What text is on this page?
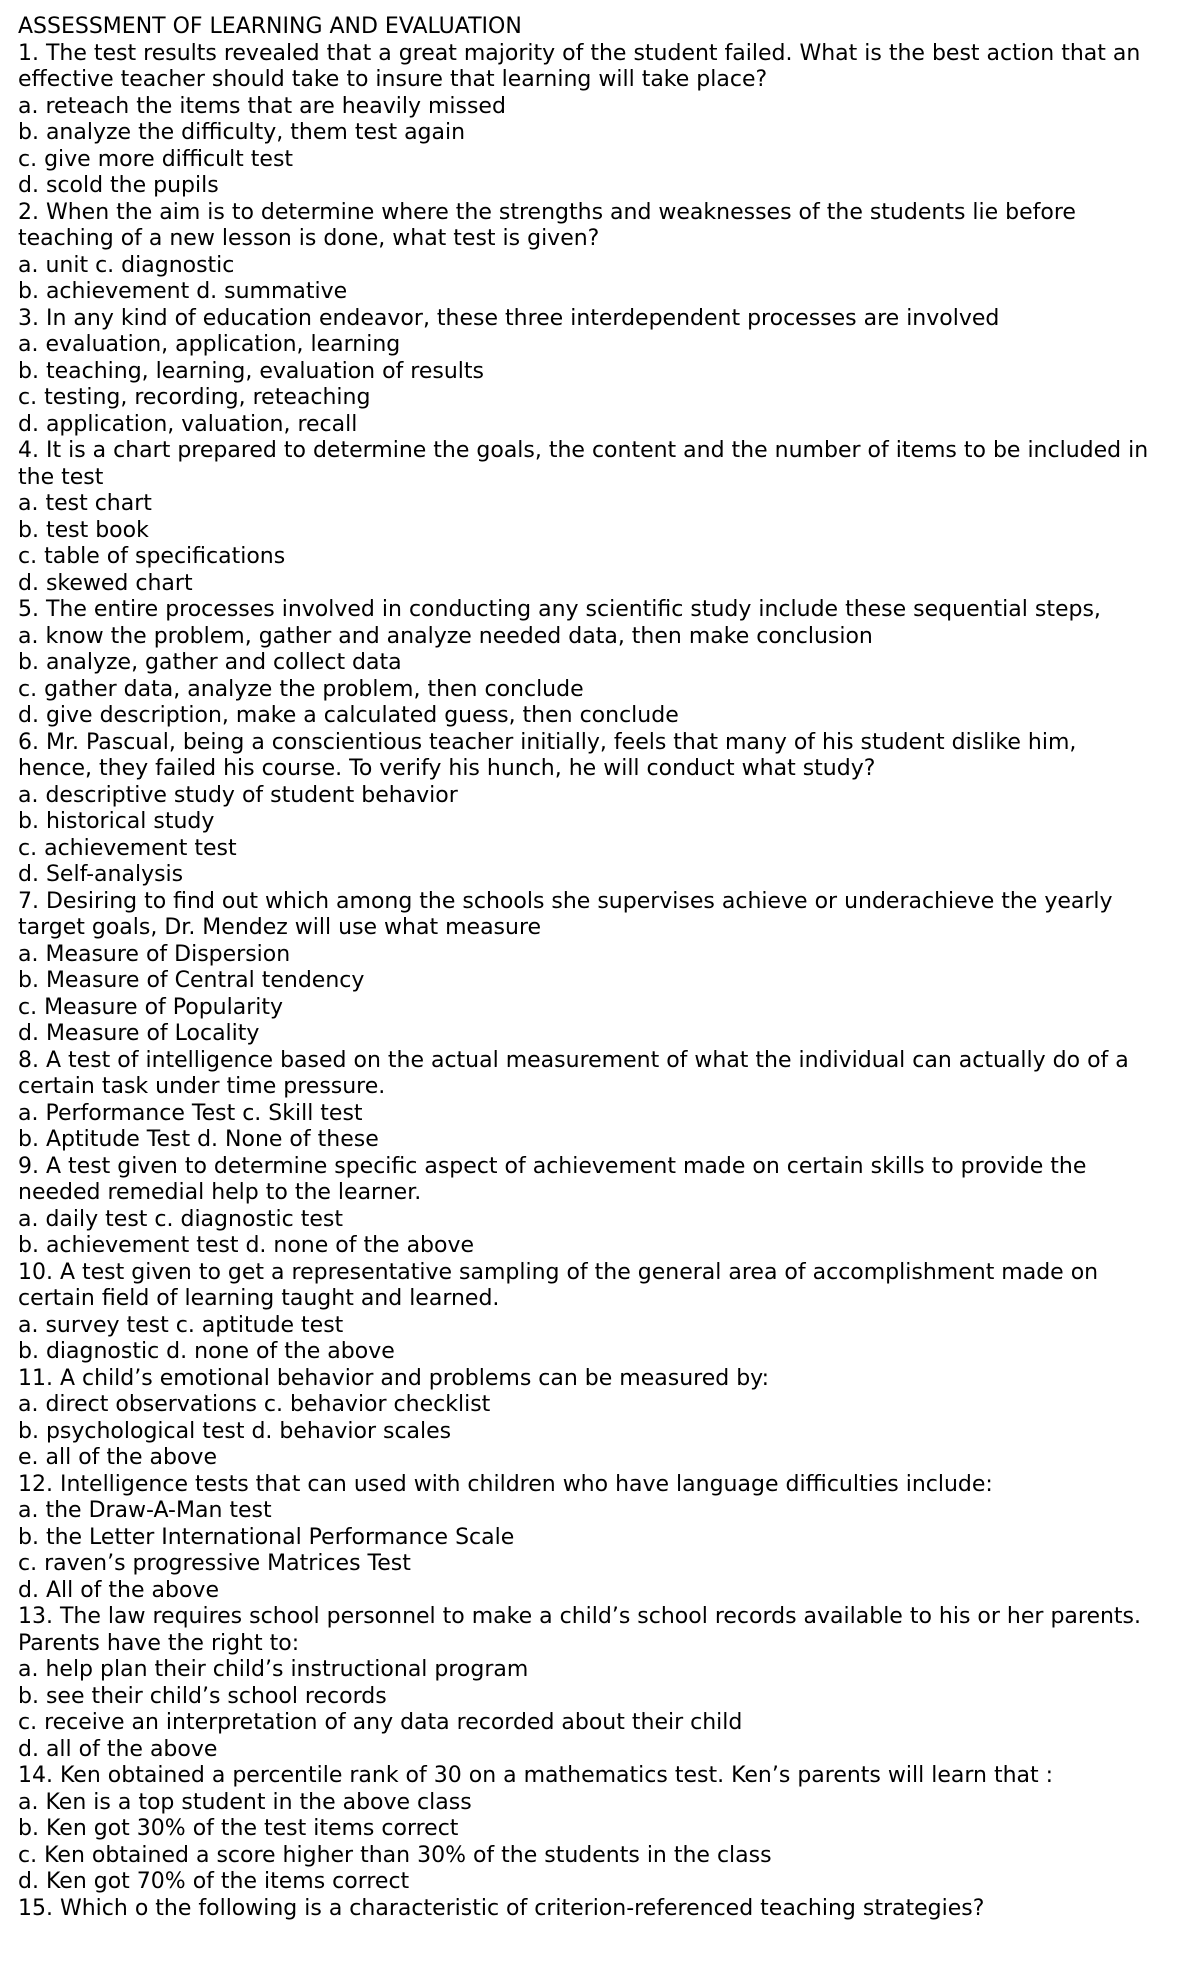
ASSESSMENT OF LEARNING AND EVALUATION
1. The test results revealed that a great majority of the student failed. What is the best action that an
effective teacher should take to insure that learning will take place?
a. reteach the items that are heavily missed
b. analyze the difficulty, them test again
c. give more difficult test
d. scold the pupils
2. When the aim is to determine where the strengths and weaknesses of the students lie before
teaching of a new lesson is done, what test is given?
a. unit c. diagnostic
b. achievement d. summative
3. In any kind of education endeavor, these three interdependent processes are involved
a. evaluation, application, learning
b. teaching, learning, evaluation of results
c. testing, recording, reteaching
d. application, valuation, recall
4. It is a chart prepared to determine the goals, the content and the number of items to be included in
the test
a. test chart
b. test book
c. table of specifications
d. skewed chart
5. The entire processes involved in conducting any scientific study include these sequential steps,
a. know the problem, gather and analyze needed data, then make conclusion
b. analyze, gather and collect data
c. gather data, analyze the problem, then conclude
d. give description, make a calculated guess, then conclude
6. Mr. Pascual, being a conscientious teacher initially, feels that many of his student dislike him,
hence, they failed his course. To verify his hunch, he will conduct what study?
a. descriptive study of student behavior
b. historical study
c. achievement test
d. Self-analysis
7. Desiring to find out which among the schools she supervises achieve or underachieve the yearly
target goals, Dr. Mendez will use what measure
a. Measure of Dispersion
b. Measure of Central tendency
c. Measure of Popularity
d. Measure of Locality
8. A test of intelligence based on the actual measurement of what the individual can actually do of a
certain task under time pressure.
a. Performance Test c. Skill test
b. Aptitude Test d. None of these
9. A test given to determine specific aspect of achievement made on certain skills to provide the
needed remedial help to the learner.
a. daily test c. diagnostic test
b. achievement test d. none of the above
10. A test given to get a representative sampling of the general area of accomplishment made on
certain field of learning taught and learned.
a. survey test c. aptitude test
b. diagnostic d. none of the above
11. A child’s emotional behavior and problems can be measured by:
a. direct observations c. behavior checklist
b. psychological test d. behavior scales
e. all of the above
12. Intelligence tests that can used with children who have language difficulties include:
a. the Draw-A-Man test
b. the Letter International Performance Scale
c. raven’s progressive Matrices Test
d. All of the above
13. The law requires school personnel to make a child’s school records available to his or her parents.
Parents have the right to:
a. help plan their child’s instructional program
b. see their child’s school records
c. receive an interpretation of any data recorded about their child
d. all of the above
14. Ken obtained a percentile rank of 30 on a mathematics test. Ken’s parents will learn that :
a. Ken is a top student in the above class
b. Ken got 30% of the test items correct
c. Ken obtained a score higher than 30% of the students in the class
d. Ken got 70% of the items correct
15. Which o the following is a characteristic of criterion-referenced teaching strategies?
